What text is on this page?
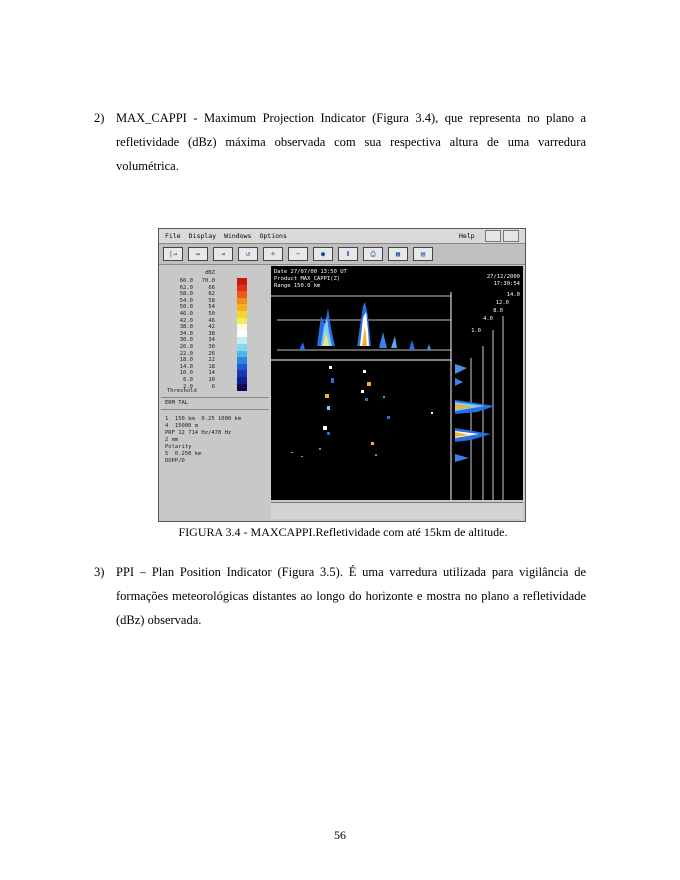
2) MAX_CAPPI - Maximum Projection Indicator (Figura 3.4), que representa no plano a refletividade (dBz) máxima observada com sua respectiva altura de uma varredura volumétrica.
File Display Windows Options	Help
|→	↔	⇥	↺	+	−	●	Ⅱ	⎙	▦	▤
dBZ
66.0 70.0
62.0	66
58.0	62
54.0	58
50.0	54
46.0	50
42.0	46
38.0	42
34.0	38
30.0	34
26.0	30
22.0	26
18.0	22
14.0	18
10.0	14
6.0	10
2.0	6
Threshold
ERM TAL
1  150 km  0.25 1000 km
4  15000 m
PRF 12 714 Hz/478 Hz
2 mm
Polarity
5  0.250 km
DOPP/D
Date 27/07/00 13:50 UT
Product MAX_CAPPI(Z)
Range 150.0 km
27/12/2000
17:30:54
14.0
12.0
8.0
4.0
1.0
FIGURA 3.4 - MAXCAPPI.Refletividade com até 15km de altitude.
3) PPI – Plan Position Indicator (Figura 3.5). É uma varredura utilizada para vigilância de formações meteorológicas distantes ao longo do horizonte e mostra no plano a refletividade (dBz) observada.
56
